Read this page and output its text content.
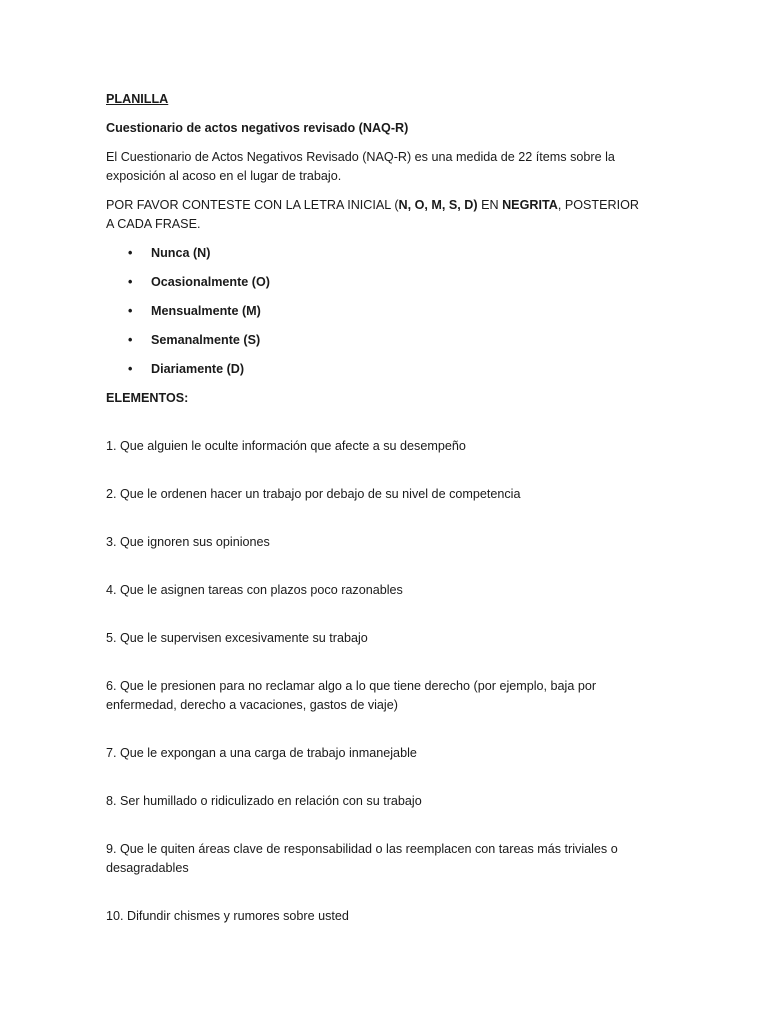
PLANILLA
Cuestionario de actos negativos revisado (NAQ-R)
El Cuestionario de Actos Negativos Revisado (NAQ-R) es una medida de 22 ítems sobre la exposición al acoso en el lugar de trabajo.
POR FAVOR CONTESTE CON LA LETRA INICIAL (N, O, M, S, D) EN NEGRITA, POSTERIOR A CADA FRASE.
• Nunca (N)
• Ocasionalmente (O)
• Mensualmente (M)
• Semanalmente (S)
• Diariamente (D)
ELEMENTOS:
1. Que alguien le oculte información que afecte a su desempeño
2. Que le ordenen hacer un trabajo por debajo de su nivel de competencia
3. Que ignoren sus opiniones
4. Que le asignen tareas con plazos poco razonables
5. Que le supervisen excesivamente su trabajo
6. Que le presionen para no reclamar algo a lo que tiene derecho (por ejemplo, baja por enfermedad, derecho a vacaciones, gastos de viaje)
7. Que le expongan a una carga de trabajo inmanejable
8. Ser humillado o ridiculizado en relación con su trabajo
9. Que le quiten áreas clave de responsabilidad o las reemplacen con tareas más triviales o desagradables
10. Difundir chismes y rumores sobre usted
